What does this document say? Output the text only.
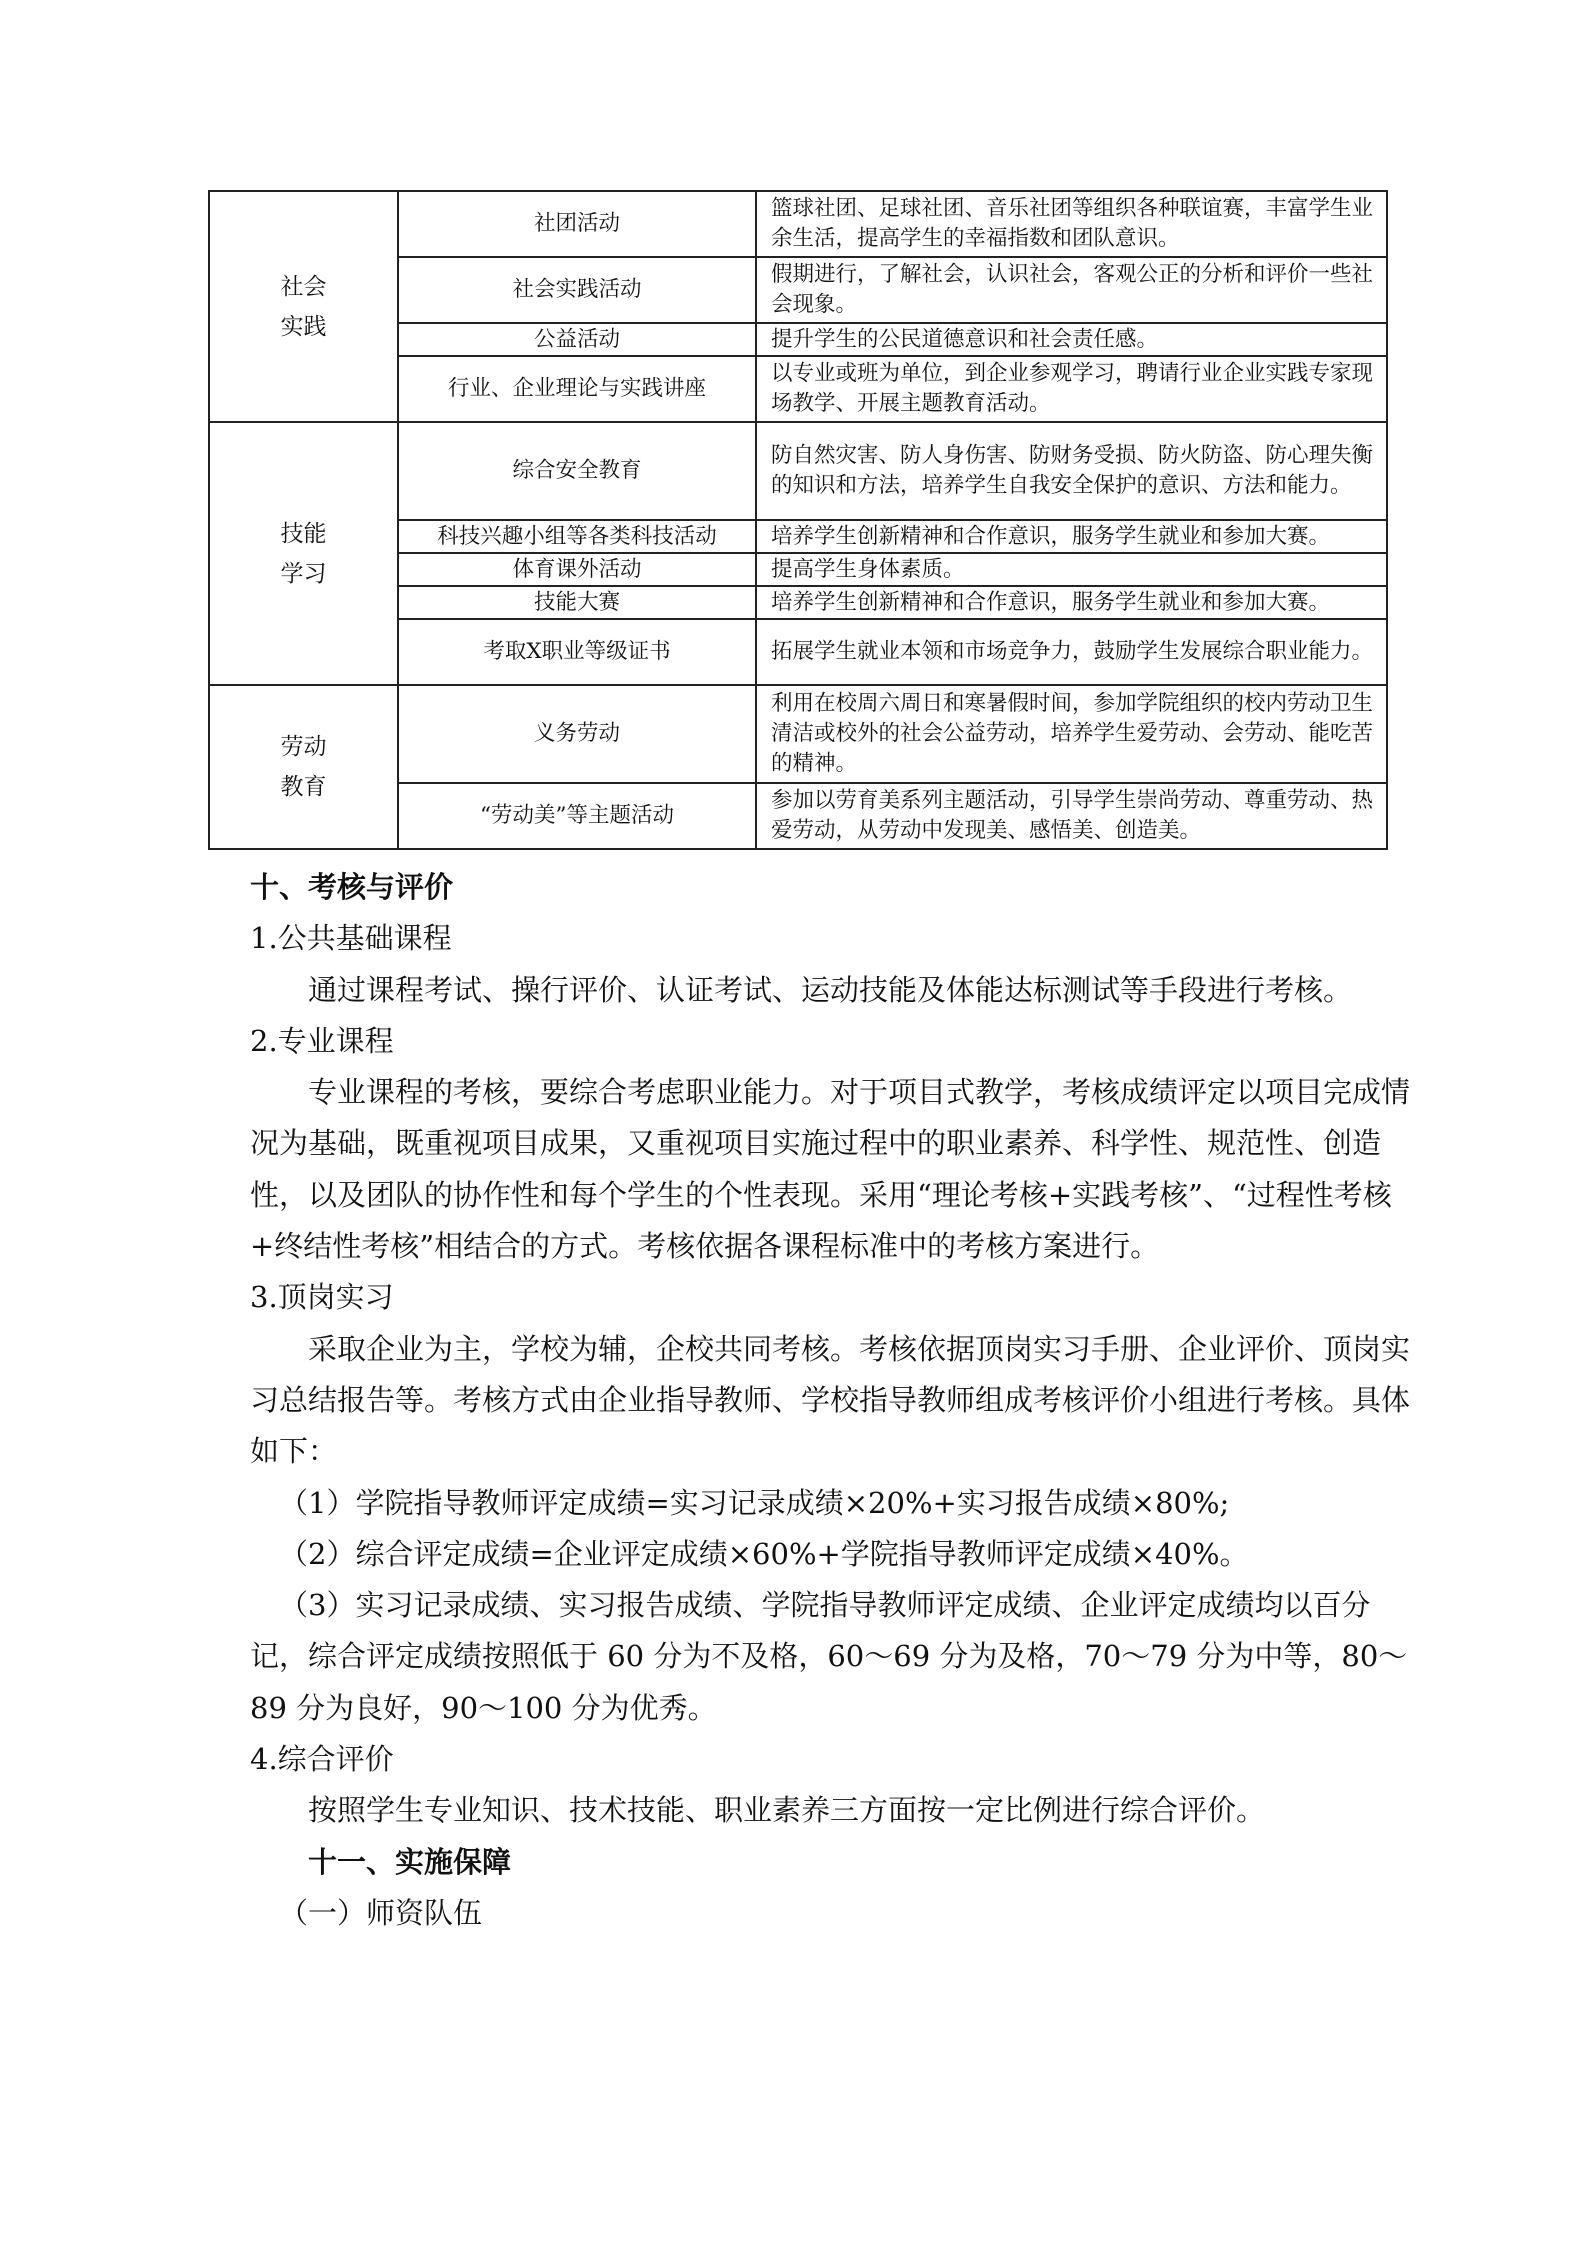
社会
实践	社团活动	篮球社团、足球社团、音乐社团等组织各种联谊赛，丰富学生业余生活，提高学生的幸福指数和团队意识。
	社会实践活动	假期进行，了解社会，认识社会，客观公正的分析和评价一些社会现象。
	公益活动	提升学生的公民道德意识和社会责任感。
	行业、企业理论与实践讲座	以专业或班为单位，到企业参观学习，聘请行业企业实践专家现场教学、开展主题教育活动。
技能
学习	综合安全教育	防自然灾害、防人身伤害、防财务受损、防火防盗、防心理失衡的知识和方法，培养学生自我安全保护的意识、方法和能力。
	科技兴趣小组等各类科技活动	培养学生创新精神和合作意识，服务学生就业和参加大赛。
	体育课外活动	提高学生身体素质。
	技能大赛	培养学生创新精神和合作意识，服务学生就业和参加大赛。
	考取X职业等级证书	拓展学生就业本领和市场竞争力，鼓励学生发展综合职业能力。
劳动
教育	义务劳动	利用在校周六周日和寒暑假时间，参加学院组织的校内劳动卫生清洁或校外的社会公益劳动，培养学生爱劳动、会劳动、能吃苦的精神。
	“劳动美”等主题活动	参加以劳育美系列主题活动，引导学生崇尚劳动、尊重劳动、热爱劳动，从劳动中发现美、感悟美、创造美。

十、考核与评价

1.公共基础课程

通过课程考试、操行评价、认证考试、运动技能及体能达标测试等手段进行考核。

2.专业课程

专业课程的考核，要综合考虑职业能力。对于项目式教学，考核成绩评定以项目完成情况为基础，既重视项目成果，又重视项目实施过程中的职业素养、科学性、规范性、创造性，以及团队的协作性和每个学生的个性表现。采用“理论考核+实践考核”、“过程性考核+终结性考核”相结合的方式。考核依据各课程标准中的考核方案进行。

3.顶岗实习

采取企业为主，学校为辅，企校共同考核。考核依据顶岗实习手册、企业评价、顶岗实习总结报告等。考核方式由企业指导教师、学校指导教师组成考核评价小组进行考核。具体如下：

（1）学院指导教师评定成绩=实习记录成绩×20%+实习报告成绩×80%;

（2）综合评定成绩=企业评定成绩×60%+学院指导教师评定成绩×40%。

（3）实习记录成绩、实习报告成绩、学院指导教师评定成绩、企业评定成绩均以百分记，综合评定成绩按照低于 60 分为不及格，60～69 分为及格，70～79 分为中等，80～89 分为良好，90～100 分为优秀。

4.综合评价

按照学生专业知识、技术技能、职业素养三方面按一定比例进行综合评价。

十一、实施保障

（一）师资队伍
